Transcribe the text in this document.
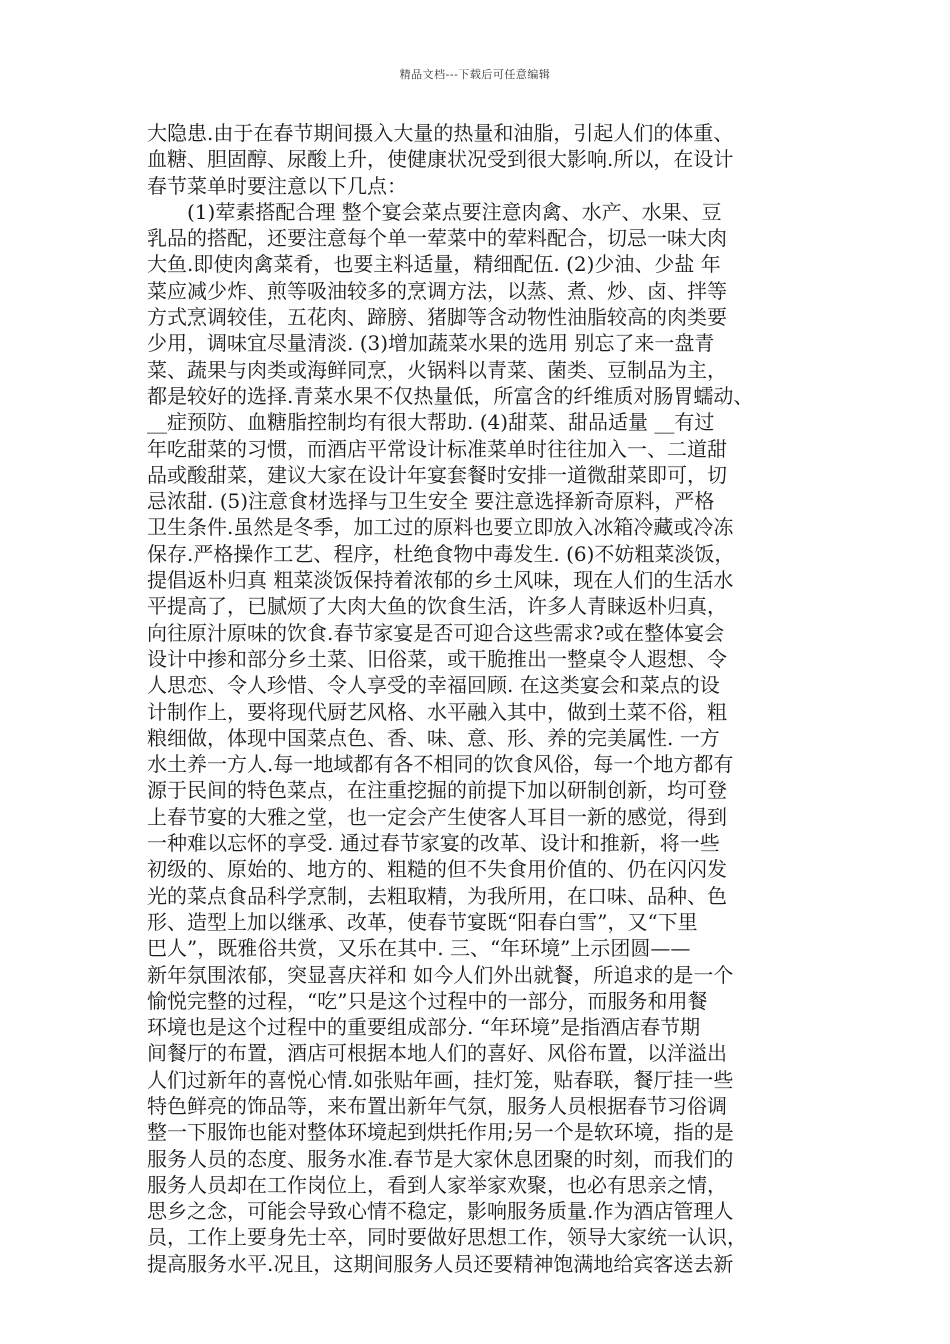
精品文档---下载后可任意编辑
大隐患.由于在春节期间摄入大量的热量和油脂，引起人们的体重、
血糖、胆固醇、尿酸上升，使健康状况受到很大影响.所以，在设计
春节菜单时要注意以下几点：
(1)荤素搭配合理 整个宴会菜点要注意肉禽、水产、水果、豆
乳品的搭配，还要注意每个单一荤菜中的荤料配合，切忌一味大肉
大鱼.即使肉禽菜肴，也要主料适量，精细配伍. (2)少油、少盐 年
菜应减少炸、煎等吸油较多的烹调方法，以蒸、煮、炒、卤、拌等
方式烹调较佳，五花肉、蹄膀、猪脚等含动物性油脂较高的肉类要
少用，调味宜尽量清淡. (3)增加蔬菜水果的选用 别忘了来一盘青
菜、蔬果与肉类或海鲜同烹，火锅料以青菜、菌类、豆制品为主，
都是较好的选择.青菜水果不仅热量低，所富含的纤维质对肠胃蠕动、
__症预防、血糖脂控制均有很大帮助. (4)甜菜、甜品适量 __有过
年吃甜菜的习惯，而酒店平常设计标准菜单时往往加入一、二道甜
品或酸甜菜，建议大家在设计年宴套餐时安排一道微甜菜即可，切
忌浓甜. (5)注意食材选择与卫生安全 要注意选择新奇原料，严格
卫生条件.虽然是冬季，加工过的原料也要立即放入冰箱冷藏或冷冻
保存.严格操作工艺、程序，杜绝食物中毒发生. (6)不妨粗菜淡饭，
提倡返朴归真 粗菜淡饭保持着浓郁的乡土风味，现在人们的生活水
平提高了，已腻烦了大肉大鱼的饮食生活，许多人青睐返朴归真，
向往原汁原味的饮食.春节家宴是否可迎合这些需求?或在整体宴会
设计中掺和部分乡土菜、旧俗菜，或干脆推出一整桌令人遐想、令
人思恋、令人珍惜、令人享受的幸福回顾. 在这类宴会和菜点的设
计制作上，要将现代厨艺风格、水平融入其中，做到土菜不俗，粗
粮细做，体现中国菜点色、香、味、意、形、养的完美属性. 一方
水土养一方人.每一地域都有各不相同的饮食风俗，每一个地方都有
源于民间的特色菜点，在注重挖掘的前提下加以研制创新，均可登
上春节宴的大雅之堂，也一定会产生使客人耳目一新的感觉，得到
一种难以忘怀的享受. 通过春节家宴的改革、设计和推新，将一些
初级的、原始的、地方的、粗糙的但不失食用价值的、仍在闪闪发
光的菜点食品科学烹制，去粗取精，为我所用，在口味、品种、色
形、造型上加以继承、改革，使春节宴既“阳春白雪”，又“下里
巴人”，既雅俗共赏，又乐在其中. 三、“年环境”上示团圆——
新年氛围浓郁，突显喜庆祥和 如今人们外出就餐，所追求的是一个
愉悦完整的过程，“吃”只是这个过程中的一部分，而服务和用餐
环境也是这个过程中的重要组成部分. “年环境”是指酒店春节期
间餐厅的布置，酒店可根据本地人们的喜好、风俗布置，以洋溢出
人们过新年的喜悦心情.如张贴年画，挂灯笼，贴春联，餐厅挂一些
特色鲜亮的饰品等，来布置出新年气氛，服务人员根据春节习俗调
整一下服饰也能对整体环境起到烘托作用;另一个是软环境，指的是
服务人员的态度、服务水准.春节是大家休息团聚的时刻，而我们的
服务人员却在工作岗位上，看到人家举家欢聚，也必有思亲之情，
思乡之念，可能会导致心情不稳定，影响服务质量.作为酒店管理人
员，工作上要身先士卒，同时要做好思想工作，领导大家统一认识，
提高服务水平.况且，这期间服务人员还要精神饱满地给宾客送去新
